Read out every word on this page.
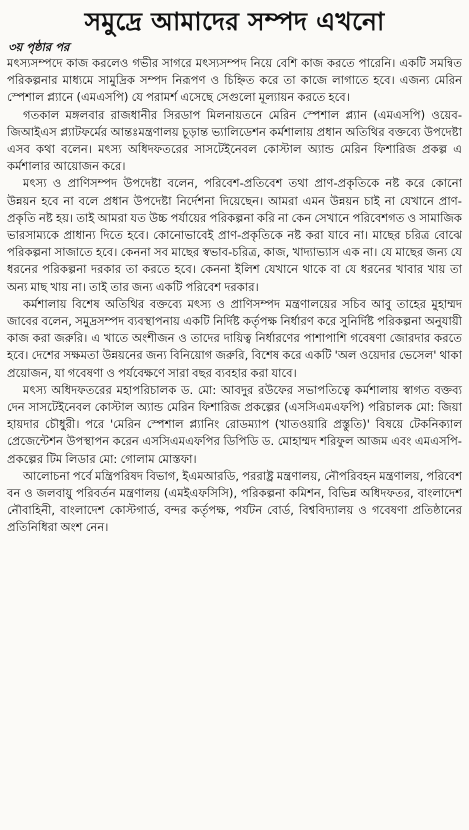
সমুদ্রে আমাদের সম্পদ এখনো
৩য় পৃষ্ঠার পর

মৎস্যসম্পদে কাজ করলেও গভীর সাগরে মৎস্যসম্পদ নিয়ে বেশি কাজ করতে পারেনি। একটি সমন্বিত পরিকল্পনার মাধ্যমে সামুদ্রিক সম্পদ নিরূপণ ও চিহ্নিত করে তা কাজে লাগাতে হবে। এজন্য মেরিন স্পেশাল প্ল্যানে (এমএসপি) যে পরামর্শ এসেছে সেগুলো মূল্যায়ন করতে হবে।

গতকাল মঙ্গলবার রাজধানীর সিরডাপ মিলনায়তনে মেরিন স্পেশাল প্ল্যান (এমএসপি) ওয়েব-জিআইএস প্ল্যাটফর্মের আন্তঃমন্ত্রণালয় চূড়ান্ত ভ্যালিডেশন কর্মশালায় প্রধান অতিথির বক্তব্যে উপদেষ্টা এসব কথা বলেন। মৎস্য অধিদফতরের সাসটেইনেবল কোস্টাল অ্যান্ড মেরিন ফিশারিজ প্রকল্প এ কর্মশালার আয়োজন করে।

মৎস্য ও প্রাণিসম্পদ উপদেষ্টা বলেন, পরিবেশ-প্রতিবেশ তথা প্রাণ-প্রকৃতিকে নষ্ট করে কোনো উন্নয়ন হবে না বলে প্রধান উপদেষ্টা নির্দেশনা দিয়েছেন। আমরা এমন উন্নয়ন চাই না যেখানে প্রাণ-প্রকৃতি নষ্ট হয়। তাই আমরা যত উচ্চ পর্যায়ের পরিকল্পনা করি না কেন সেখানে পরিবেশগত ও সামাজিক ভারসাম্যকে প্রাধান্য দিতে হবে। কোনোভাবেই প্রাণ-প্রকৃতিকে নষ্ট করা যাবে না। মাছের চরিত্র বোঝে পরিকল্পনা সাজাতে হবে। কেননা সব মাছের স্বভাব-চরিত্র, কাজ, খাদ্যাভ্যাস এক না। যে মাছের জন্য যে ধরনের পরিকল্পনা দরকার তা করতে হবে। কেননা ইলিশ যেখানে থাকে বা যে ধরনের খাবার খায় তা অন্য মাছ খায় না। তাই তার জন্য একটি পরিবেশ দরকার।

কর্মশালায় বিশেষ অতিথির বক্তব্যে মৎস্য ও প্রাণিসম্পদ মন্ত্রণালয়ের সচিব আবু তাহের মুহাম্মদ জাবের বলেন, সমুদ্রসম্পদ ব্যবস্থাপনায় একটি নির্দিষ্ট কর্তৃপক্ষ নির্ধারণ করে সুনির্দিষ্ট পরিকল্পনা অনুযায়ী কাজ করা জরুরি। এ খাতে অংশীজন ও তাদের দায়িত্ব নির্ধারণের পাশাপাশি গবেষণা জোরদার করতে হবে। দেশের সক্ষমতা উন্নয়নের জন্য বিনিয়োগ জরুরি, বিশেষ করে একটি 'অল ওয়েদার ভেসেল' থাকা প্রয়োজন, যা গবেষণা ও পর্যবেক্ষণে সারা বছর ব্যবহার করা যাবে।

মৎস্য অধিদফতরের মহাপরিচালক ড. মো: আবদুর রউফের সভাপতিত্বে কর্মশালায় স্বাগত বক্তব্য দেন সাসটেইনেবল কোস্টাল অ্যান্ড মেরিন ফিশারিজ প্রকল্পের (এসসিএমএফপি) পরিচালক মো: জিয়া হায়দার চৌধুরী। পরে 'মেরিন স্পেশাল প্ল্যানিং রোডম্যাপ (খাতওয়ারি প্রস্তুতি)' বিষয়ে টেকনিক্যাল প্রেজেন্টেশন উপস্থাপন করেন এসসিএমএফপির ডিপিডি ড. মোহাম্মদ শরিফুল আজম এবং এমএসপি-প্রকল্পের টিম লিডার মো: গোলাম মোস্তফা।

আলোচনা পর্বে মন্ত্রিপরিষদ বিভাগ, ইএমআরডি, পররাষ্ট্র মন্ত্রণালয়, নৌপরিবহন মন্ত্রণালয়, পরিবেশ বন ও জলবায়ু পরিবর্তন মন্ত্রণালয় (এমইএফসিসি), পরিকল্পনা কমিশন, বিভিন্ন অধিদফতর, বাংলাদেশ নৌবাহিনী, বাংলাদেশ কোস্টগার্ড, বন্দর কর্তৃপক্ষ, পর্যটন বোর্ড, বিশ্ববিদ্যালয় ও গবেষণা প্রতিষ্ঠানের প্রতিনিধিরা অংশ নেন।
